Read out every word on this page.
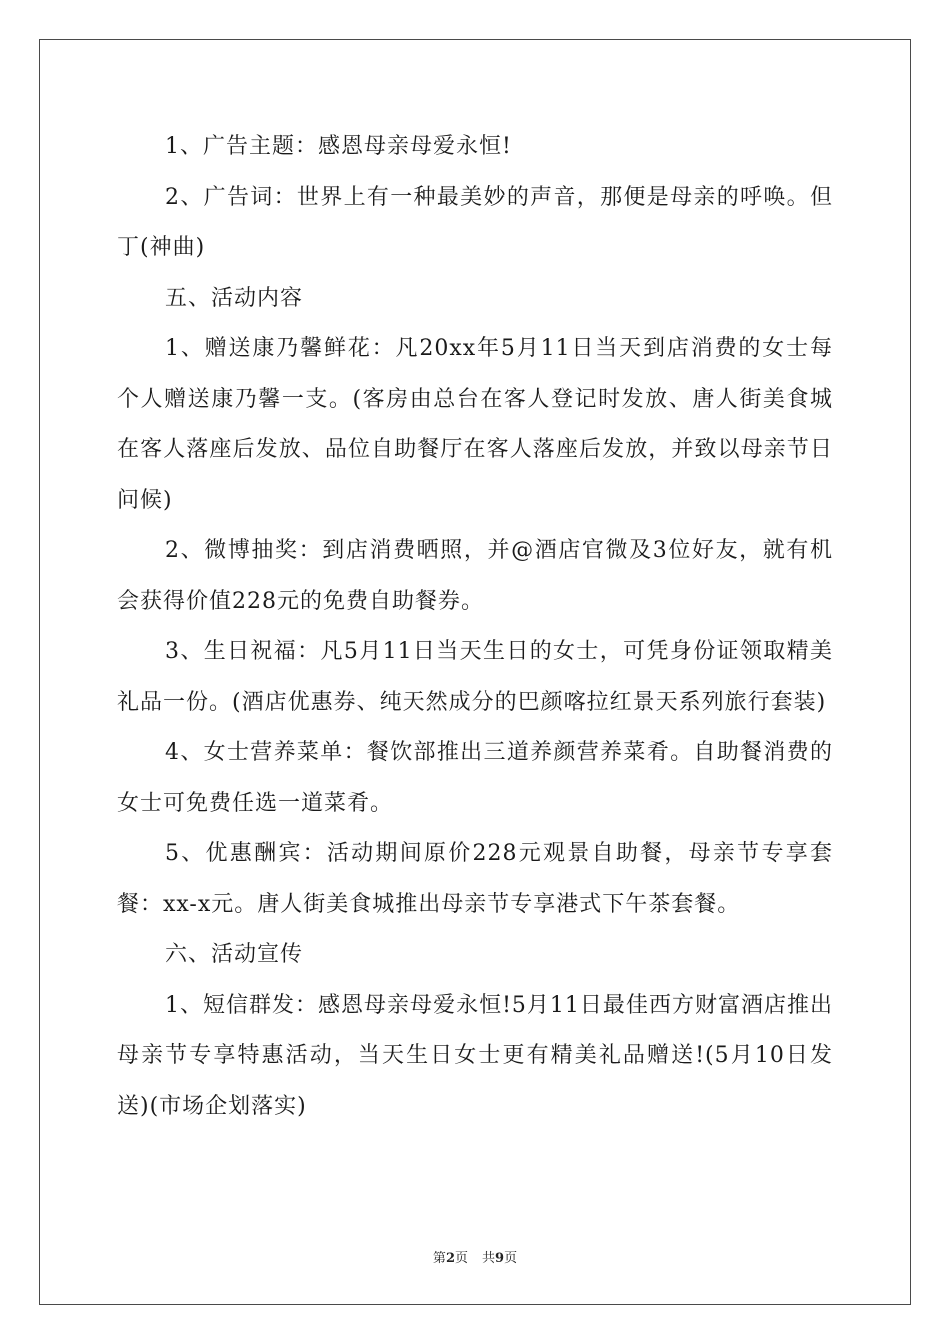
1、广告主题：感恩母亲母爱永恒!

2、广告词：世界上有一种最美妙的声音，那便是母亲的呼唤。但丁(神曲)

五、活动内容

1、赠送康乃馨鲜花：凡20xx年5月11日当天到店消费的女士每个人赠送康乃馨一支。(客房由总台在客人登记时发放、唐人街美食城在客人落座后发放、品位自助餐厅在客人落座后发放，并致以母亲节日问候)

2、微博抽奖：到店消费晒照，并@酒店官微及3位好友，就有机会获得价值228元的免费自助餐券。

3、生日祝福：凡5月11日当天生日的女士，可凭身份证领取精美礼品一份。(酒店优惠券、纯天然成分的巴颜喀拉红景天系列旅行套装)

4、女士营养菜单：餐饮部推出三道养颜营养菜肴。自助餐消费的女士可免费任选一道菜肴。

5、优惠酬宾：活动期间原价228元观景自助餐，母亲节专享套餐：xx-x元。唐人街美食城推出母亲节专享港式下午茶套餐。

六、活动宣传

1、短信群发：感恩母亲母爱永恒!5月11日最佳西方财富酒店推出母亲节专享特惠活动，当天生日女士更有精美礼品赠送!(5月10日发送)(市场企划落实)

第2页 共9页
